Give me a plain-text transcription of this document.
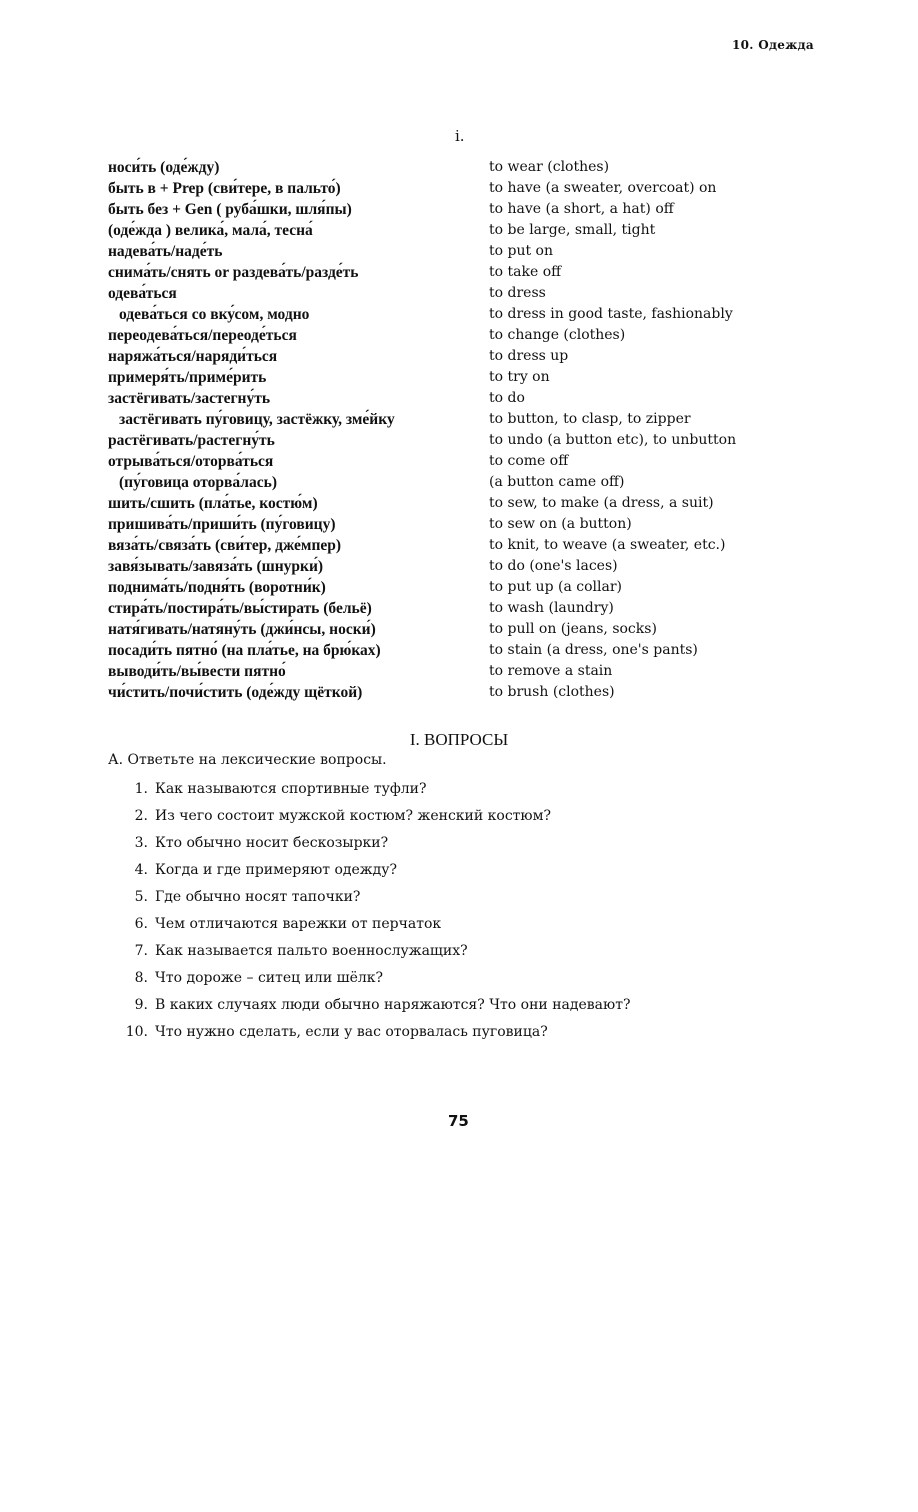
10. Одежда
i.
носи́ть (оде́жду)	to wear (clothes)
быть в + Prep (сви́тере, в пальто́)	to have (a sweater, overcoat) on
быть без + Gen ( руба́шки, шля́пы)	to have (a short, a hat) off
(оде́жда ) велика́, мала́, тесна́	to be large, small, tight
надева́ть/наде́ть	to put on
снима́ть/снять or раздева́ть/разде́ть	to take off
одева́ться	to dress
одева́ться со вку́сом, модно	to dress in good taste, fashionably
переодева́ться/переоде́ться	to change (clothes)
наряжа́ться/наряди́ться	to dress up
примеря́ть/приме́рить	to try on
застёгивать/застегну́ть	to do
застёгивать пу́говицу, застёжку, зме́йку	to button, to clasp, to zipper
растёгивать/растегну́ть	to undo (a button etc), to unbutton
отрыва́ться/оторва́ться	to come off
(пу́говица оторва́лась)	(a button came off)
шить/сшить (пла́тье, костю́м)	to sew, to make (a dress, a suit)
пришива́ть/приши́ть (пу́говицу)	to sew on (a button)
вяза́ть/связа́ть (сви́тер, дже́мпер)	to knit, to weave (a sweater, etc.)
завя́зывать/завяза́ть (шнурки́)	to do (one's laces)
поднима́ть/подня́ть (воротни́к)	to put up (a collar)
стира́ть/постира́ть/вы́стирать (бельё)	to wash (laundry)
натя́гивать/натяну́ть (джи́нсы, носки́)	to pull on (jeans, socks)
посади́ть пятно́ (на пла́тье, на брю́ках)	to stain (a dress, one's pants)
выводи́ть/вы́вести пятно́	to remove a stain
чи́стить/почи́стить (оде́жду щёткой)	to brush (clothes)
I. ВОПРОСЫ
А. Ответьте на лексические вопросы.
1. Как называются спортивные туфли?
2. Из чего состоит мужской костюм? женский костюм?
3. Кто обычно носит бескозырки?
4. Когда и где примеряют одежду?
5. Где обычно носят тапочки?
6. Чем отличаются варежки от перчаток
7. Как называется пальто военнослужащих?
8. Что дороже – ситец или шёлк?
9. В каких случаях люди обычно наряжаются? Что они надевают?
10. Что нужно сделать, если у вас оторвалась пуговица?
75
